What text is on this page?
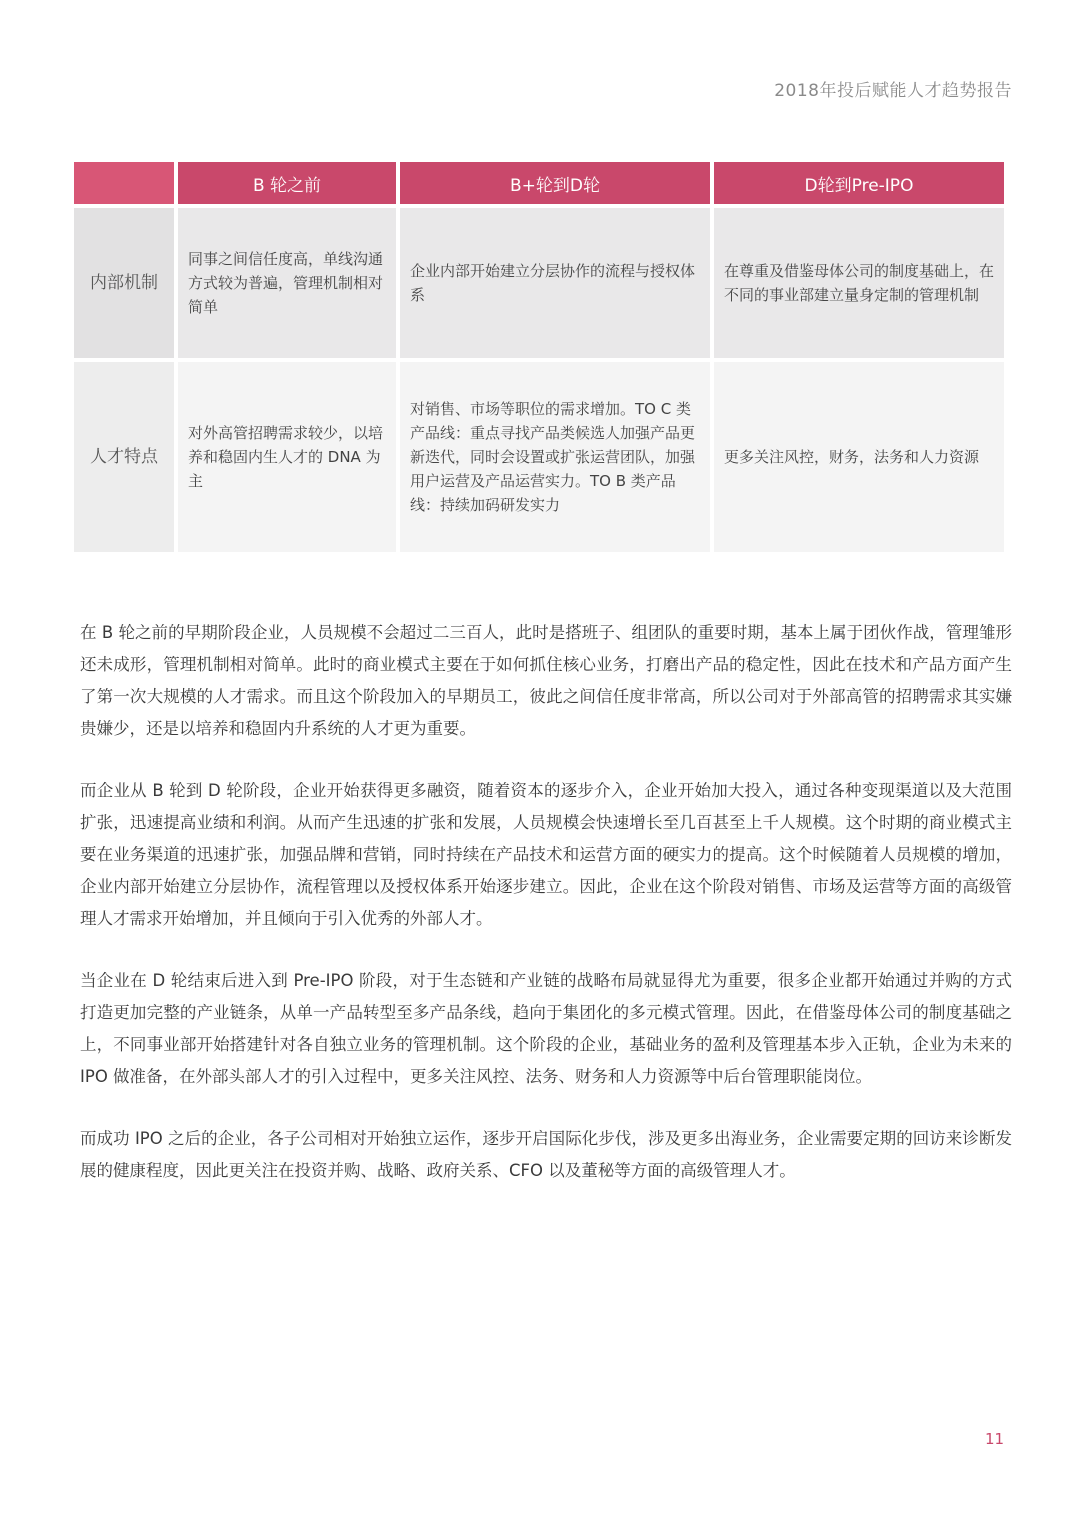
2018年投后赋能人才趋势报告
	B 轮之前	B+轮到D轮	D轮到Pre-IPO
内部机制	同事之间信任度高，单线沟通方式较为普遍，管理机制相对简单	企业内部开始建立分层协作的流程与授权体系	在尊重及借鉴母体公司的制度基础上，在不同的事业部建立量身定制的管理机制
人才特点	对外高管招聘需求较少，以培养和稳固内生人才的 DNA 为主	对销售、市场等职位的需求增加。TO C 类产品线：重点寻找产品类候选人加强产品更新迭代，同时会设置或扩张运营团队，加强用户运营及产品运营实力。TO B 类产品线：持续加码研发实力	更多关注风控，财务，法务和人力资源

在 B 轮之前的早期阶段企业，人员规模不会超过二三百人，此时是搭班子、组团队的重要时期，基本上属于团伙作战，管理雏形还未成形，管理机制相对简单。此时的商业模式主要在于如何抓住核心业务，打磨出产品的稳定性，因此在技术和产品方面产生了第一次大规模的人才需求。而且这个阶段加入的早期员工，彼此之间信任度非常高，所以公司对于外部高管的招聘需求其实嫌贵嫌少，还是以培养和稳固内升系统的人才更为重要。

而企业从 B 轮到 D 轮阶段，企业开始获得更多融资，随着资本的逐步介入，企业开始加大投入，通过各种变现渠道以及大范围扩张，迅速提高业绩和利润。从而产生迅速的扩张和发展，人员规模会快速增长至几百甚至上千人规模。这个时期的商业模式主要在业务渠道的迅速扩张，加强品牌和营销，同时持续在产品技术和运营方面的硬实力的提高。这个时候随着人员规模的增加，企业内部开始建立分层协作，流程管理以及授权体系开始逐步建立。因此，企业在这个阶段对销售、市场及运营等方面的高级管理人才需求开始增加，并且倾向于引入优秀的外部人才。

当企业在 D 轮结束后进入到 Pre-IPO 阶段，对于生态链和产业链的战略布局就显得尤为重要，很多企业都开始通过并购的方式打造更加完整的产业链条，从单一产品转型至多产品条线，趋向于集团化的多元模式管理。因此，在借鉴母体公司的制度基础之上，不同事业部开始搭建针对各自独立业务的管理机制。这个阶段的企业，基础业务的盈利及管理基本步入正轨，企业为未来的 IPO 做准备，在外部头部人才的引入过程中，更多关注风控、法务、财务和人力资源等中后台管理职能岗位。

而成功 IPO 之后的企业，各子公司相对开始独立运作，逐步开启国际化步伐，涉及更多出海业务，企业需要定期的回访来诊断发展的健康程度，因此更关注在投资并购、战略、政府关系、CFO 以及董秘等方面的高级管理人才。

11
